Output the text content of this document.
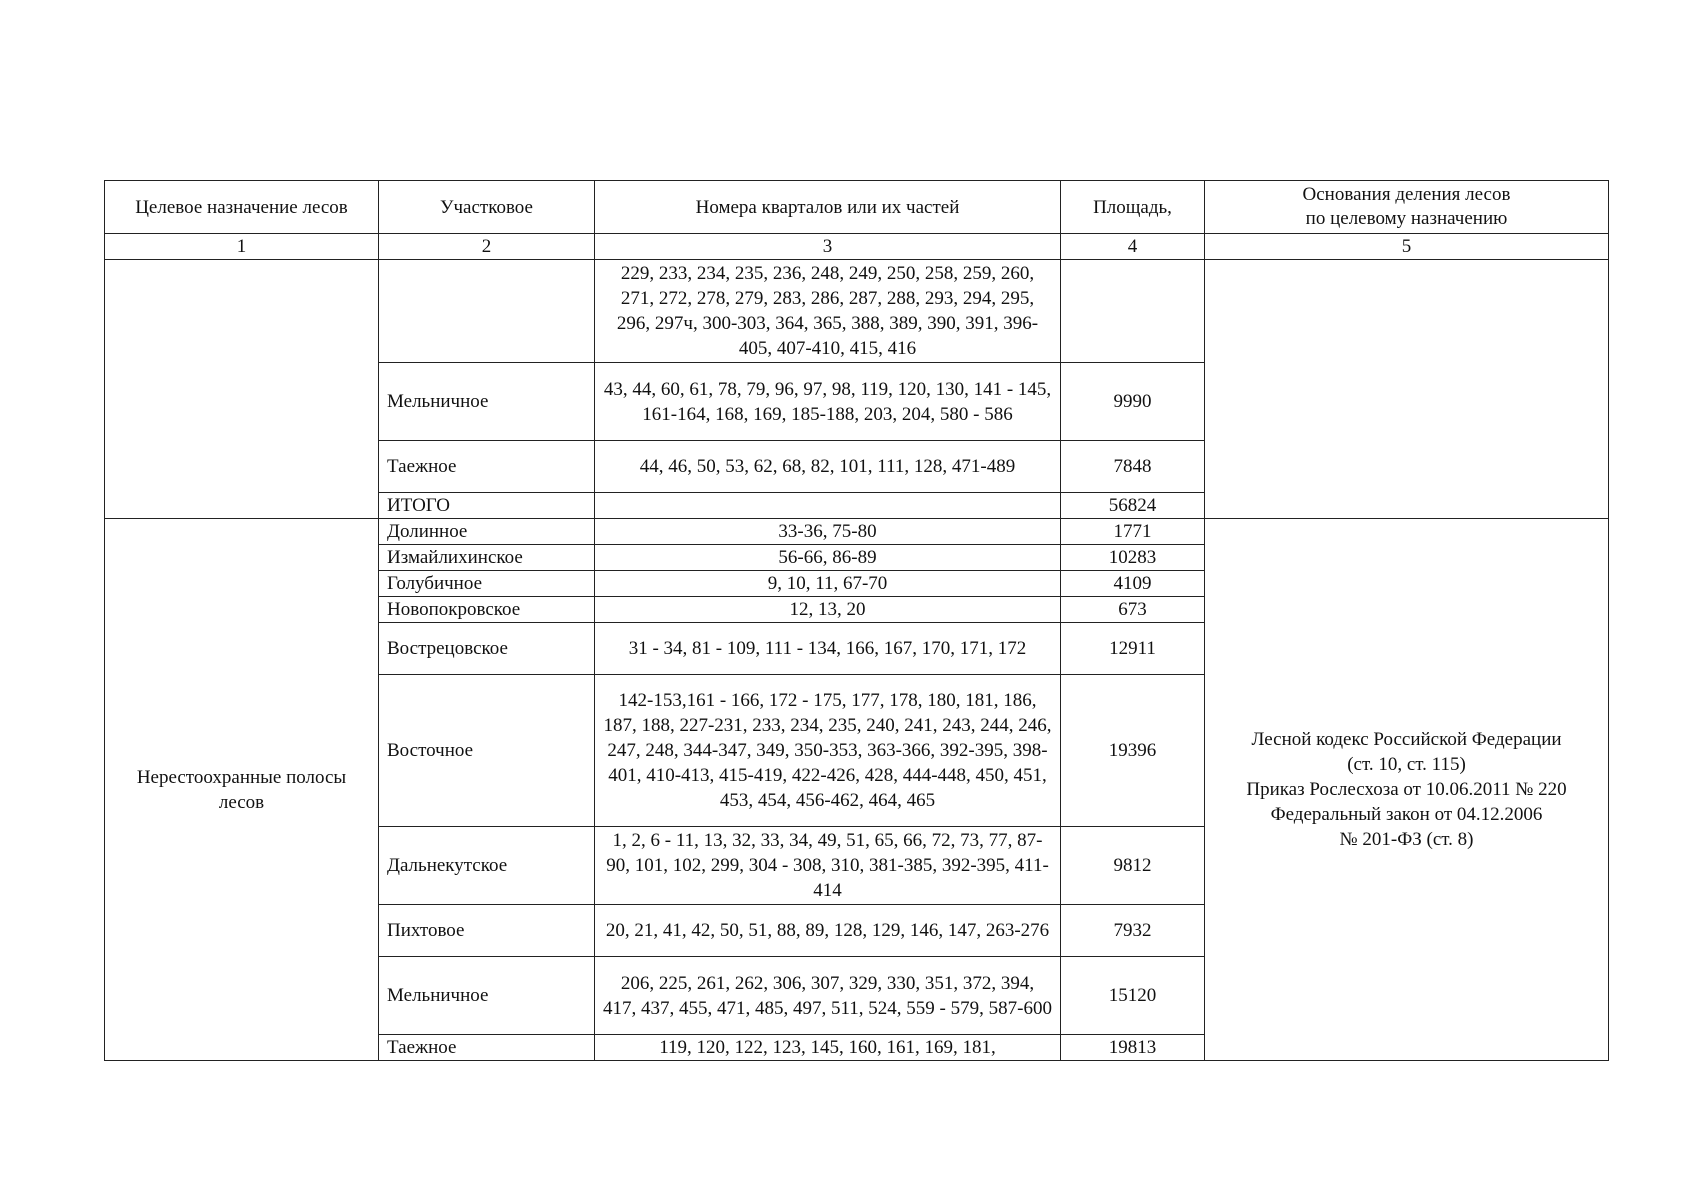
Целевое назначение лесов	Участковое	Номера кварталов или их частей	Площадь,	Основания деления лесов
по целевому назначению

1	2	3	4	5
		229, 233, 234, 235, 236, 248, 249, 250, 258, 259, 260, 271, 272, 278, 279, 283, 286, 287, 288, 293, 294, 295, 296, 297ч, 300-303, 364, 365, 388, 389, 390, 391, 396- 405, 407-410, 415, 416		
	Мельничное	43, 44, 60, 61, 78, 79, 96, 97, 98, 119, 120, 130, 141 - 145, 161-164, 168, 169, 185-188, 203, 204, 580 - 586	9990	
	Таежное	44, 46, 50, 53, 62, 68, 82, 101, 111, 128, 471-489	7848	
	ИТОГО		56824	
Нерестоохранные полосы лесов	Долинное	33-36, 75-80	1771	Лесной кодекс Российской Федерации
(ст. 10, ст. 115)
Приказ Рослесхоза от 10.06.2011 № 220
Федеральный закон от 04.12.2006
№ 201-ФЗ (ст. 8)

	Измайлихинское	56-66, 86-89	10283	
	Голубичное	9, 10, 11, 67-70	4109	
	Новопокровское	12, 13, 20	673	
	Вострецовское	31 - 34, 81 - 109, 111 - 134, 166, 167, 170, 171, 172	12911	
	Восточное	142-153,161 - 166, 172 - 175, 177, 178, 180, 181, 186, 187, 188, 227-231, 233, 234, 235, 240, 241, 243, 244, 246, 247, 248, 344-347, 349, 350-353, 363-366, 392-395, 398- 401, 410-413, 415-419, 422-426, 428, 444-448, 450, 451, 453, 454, 456-462, 464, 465	19396	
	Дальнекутское	1, 2, 6 - 11, 13, 32, 33, 34, 49, 51, 65, 66, 72, 73, 77, 87- 90, 101, 102, 299, 304 - 308, 310, 381-385, 392-395, 411-414	9812	
	Пихтовое	20, 21, 41, 42, 50, 51, 88, 89, 128, 129, 146, 147, 263-276	7932	
	Мельничное	206, 225, 261, 262, 306, 307, 329, 330, 351, 372, 394, 417, 437, 455, 471, 485, 497, 511, 524, 559 - 579, 587-600	15120	
	Таежное	119, 120, 122, 123, 145, 160, 161, 169, 181,	19813	
